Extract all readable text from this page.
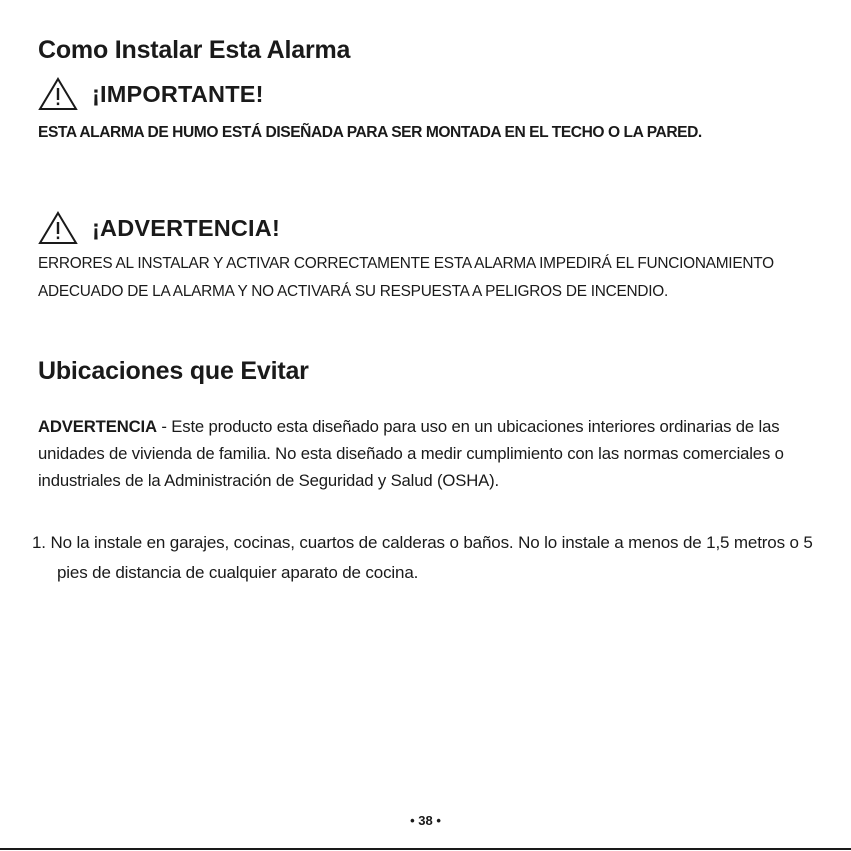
Como Instalar Esta Alarma
¡IMPORTANTE!

ESTA ALARMA DE HUMO ESTÁ DISEÑADA PARA SER MONTADA EN EL TECHO O LA PARED.

¡ADVERTENCIA!

ERRORES AL INSTALAR Y ACTIVAR CORRECTAMENTE ESTA ALARMA IMPEDIRÁ EL FUNCIONAMIENTO ADECUADO DE LA ALARMA Y NO ACTIVARÁ SU RESPUESTA A PELIGROS DE INCENDIO.

Ubicaciones que Evitar

ADVERTENCIA - Este producto esta diseñado para uso en un ubicaciones interiores ordinarias de las unidades de vivienda de familia. No esta diseñado a medir cumplimiento con las normas comerciales o industriales de la Administración de Seguridad y Salud (OSHA).

1. No la instale en garajes, cocinas, cuartos de calderas o baños. No lo instale a menos de 1,5 metros o 5 pies de distancia de cualquier aparato de cocina.

• 38 •
